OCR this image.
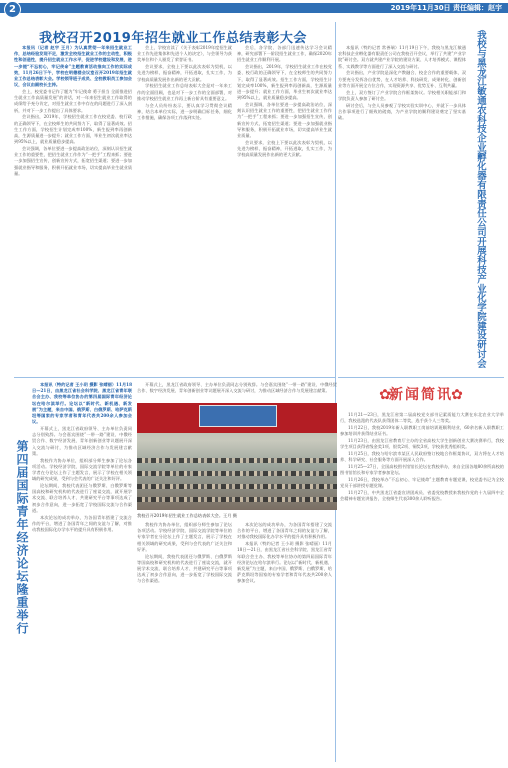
2	2019年11月30日 责任编辑：赵宇
我校召开2019年招生就业工作总结表彰大会

本报讯（记者 赵宇 王月）为认真贯彻一年来招生就业工作，总结经验发现不足，激发全校招生就业工作的主动性，积极性和创造性，提升招生就业工作水平，促进学校建设和发展，进一步提“不忘初心，牢记使命”主题教育活动推向工作的实际成效，11月26日下午，学校在明德楼会议室召开2019年招生就业工作总结表彰大会。学校领导班子成员、全校教职员工参加会议，会议由副校长主持。

会上，校党委书记作了题为“牢记使命 勇于担当 全面推进招生就业工作高质量发展”的讲话，对一年来招生就业工作取得的成绩给予充分肯定，对招生就业工作中存在的问题进行了深入剖析，并对下一步工作提出了具体要求。

会议指出，2019年，学校招生就业工作在校党委、校行政的正确领导下，在全校师生的共同努力下，取得了显著成效。招生工作方面，学校招生计划完成率100%，新生报到率再创新高，生源质量进一步提升；就业工作方面，毕业生初次就业率达到95%以上，就业质量稳步提高。

会议强调，各单位要进一步提高政治站位，深刻认识招生就业工作的重要性，把招生就业工作作为“一把手”工程来抓；要进一步加强招生宣传，创新宣传方式，拓宽招生渠道；要进一步加强就业指导和服务，积极开拓就业市场，切实提高毕业生就业质量。

会上，学校宣读了《关于表彰2019年度招生就业工作先进集体和先进个人的决定》，与会领导为获奖单位和个人颁发了荣誉证书。

会议要求，全校上下要以此次表彰为契机，以先进为榜样，振奋精神，开拓进取，扎实工作，为学校高质量发展作出新的更大贡献。

学校招生就业工作总结表彰大会是对一年来工作的全面回顾，也是对下一步工作的全面部署，对推动学校招生就业工作再上新台阶具有重要意义。

与会人员纷纷表示，要认真学习贯彻会议精神，结合本单位实际，进一步明确目标任务，细化工作措施，确保各项工作落到实处。

会后，各学院、各部门迅速传达学习会议精神，研究部署下一阶段招生就业工作，确保2020年招生就业工作顺利开展。

会议指出，2019年，学校招生就业工作在校党委、校行政的正确领导下，在全校师生的共同努力下，取得了显著成效。招生工作方面，学校招生计划完成率100%，新生报到率再创新高，生源质量进一步提升；就业工作方面，毕业生初次就业率达到95%以上，就业质量稳步提高。

会议强调，各单位要进一步提高政治站位，深刻认识招生就业工作的重要性，把招生就业工作作为“一把手”工程来抓；要进一步加强招生宣传，创新宣传方式，拓宽招生渠道；要进一步加强就业指导和服务，积极开拓就业市场，切实提高毕业生就业质量。

会议要求，全校上下要以此次表彰为契机，以先进为榜样，振奋精神，开拓进取，扎实工作，为学校高质量发展作出新的更大贡献。

本报讯（特约记者 常善瑞）11月19日下午，我校与黑龙江敏通农科技企业孵化器有限责任公司在我校召开会议，举行了共建“产业学院”研讨会。双方就共建产业学院的建设方案、人才培养模式、课程体系、实践教学等方面进行了深入交流与研讨。

会议指出，产业学院是深化产教融合、校企合作的重要载体，双方要充分发挥各自优势，在人才培养、科技研发、成果转化、创新创业等方面开展全方位合作，实现资源共享、优势互补、互利共赢。

会上，双方签订了产业学院合作框架协议。学校相关职能部门和学院负责人参加了研讨会。

研讨会后，与会人员参观了学校实验实训中心，并就下一步具体合作事项进行了细致的磋商，为产业学院的顺利建设奠定了坚实基础。	我校与黑龙江敏通农科技企业孵化器有限责任公司开展科技产业化学院建设研讨会
第四届国际青年经济论坛隆重举行

本报讯（特约记者 王小玥 摄影 张晴丽）11月18日—21日，由黑龙江省社会科学院、黑龙江省青年联合会主办、我校等单位协办的第四届国际青年经济论坛在哈尔滨举行。论坛以“新时代、新机遇、新发展”为主题，来自中国、俄罗斯、白俄罗斯、哈萨克斯坦等国家的专家学者和青年代表共200余人参加会议。

开幕式上，黑龙江省政府领导、主办单位负责同志分别致辞。与会嘉宾围绕“一带一路”建设、中俄经贸合作、数字经济发展、青年创新创业等议题展开深入交流与研讨，为推动区域经济合作与发展建言献策。

我校作为协办单位，组织部分师生参加了论坛各项活动。学校经济学院、国际交流学院等单位的专家学者在分论坛上作了主题发言，展示了学校在相关领域的研究成果，受到与会代表的广泛关注和好评。

论坛期间，我校代表团还与俄罗斯、白俄罗斯等国高校和研究机构的代表进行了座谈交流，就开展学术交流、联合培养人才、共建研究平台等事项达成了初步合作意向，进一步拓宽了学校国际交流与合作渠道。

本次论坛的成功举办，为各国青年搭建了交流合作的平台，增进了各国青年之间的友谊与了解，对推动我校国际化办学水平的提升具有积极作用。

开幕式上，黑龙江省政府领导、主办单位负责同志分别致辞。与会嘉宾围绕“一带一路”建设、中俄经贸合作、数字经济发展、青年创新创业等议题展开深入交流与研讨，为推动区域经济合作与发展建言献策。

我校召开2019年招生就业工作总结表彰大会。王月 摄

我校作为协办单位，组织部分师生参加了论坛各项活动。学校经济学院、国际交流学院等单位的专家学者在分论坛上作了主题发言，展示了学校在相关领域的研究成果，受到与会代表的广泛关注和好评。

论坛期间，我校代表团还与俄罗斯、白俄罗斯等国高校和研究机构的代表进行了座谈交流，就开展学术交流、联合培养人才、共建研究平台等事项达成了初步合作意向，进一步拓宽了学校国际交流与合作渠道。

本次论坛的成功举办，为各国青年搭建了交流合作的平台，增进了各国青年之间的友谊与了解，对推动我校国际化办学水平的提升具有积极作用。

本报讯（特约记者 王小玥 摄影 张晴丽）11月18日—21日，由黑龙江省社会科学院、黑龙江省青年联合会主办、我校等单位协办的第四届国际青年经济论坛在哈尔滨举行。论坛以“新时代、新机遇、新发展”为主题，来自中国、俄罗斯、白俄罗斯、哈萨克斯坦等国家的专家学者和青年代表共200余人参加会议。

✿
新闻简讯
✿

11月21—23日，黑龙江省第二届高校党支部书记素质能力大赛在东北农业大学举行，我校选派的代表队获得团体二等奖，选手获个人三等奖。

11月22日，我校2019年新入职教职工岗前培训班顺利结业，60余名新入职教职工参加培训并获得结业证书。

11月23日，由黑龙江省教育厅主办的全省高校大学生创新创业大赛决赛举行，我校学生项目获得省级金奖1项、银奖2项、铜奖3项，学校获优秀组织奖。

11月25日，我校与哈尔滨市某区人民政府签订校地合作框架协议，双方将在人才培养、科学研究、社会服务等方面开展深入合作。

11月25—27日，全国高校图书馆馆长论坛在我校举办，来自全国各地80余所高校的图书馆馆长和专家学者参加论坛。

11月26日，我校举办“不忘初心、牢记使命”主题教育专题党课，校党委书记为全校党员干部讲授专题党课。

11月27日，中共黑龙江省委宣讲团成员、省委党校教授来我校作党的十九届四中全会精神专题宣讲报告，全校师生代表300余人聆听报告。
